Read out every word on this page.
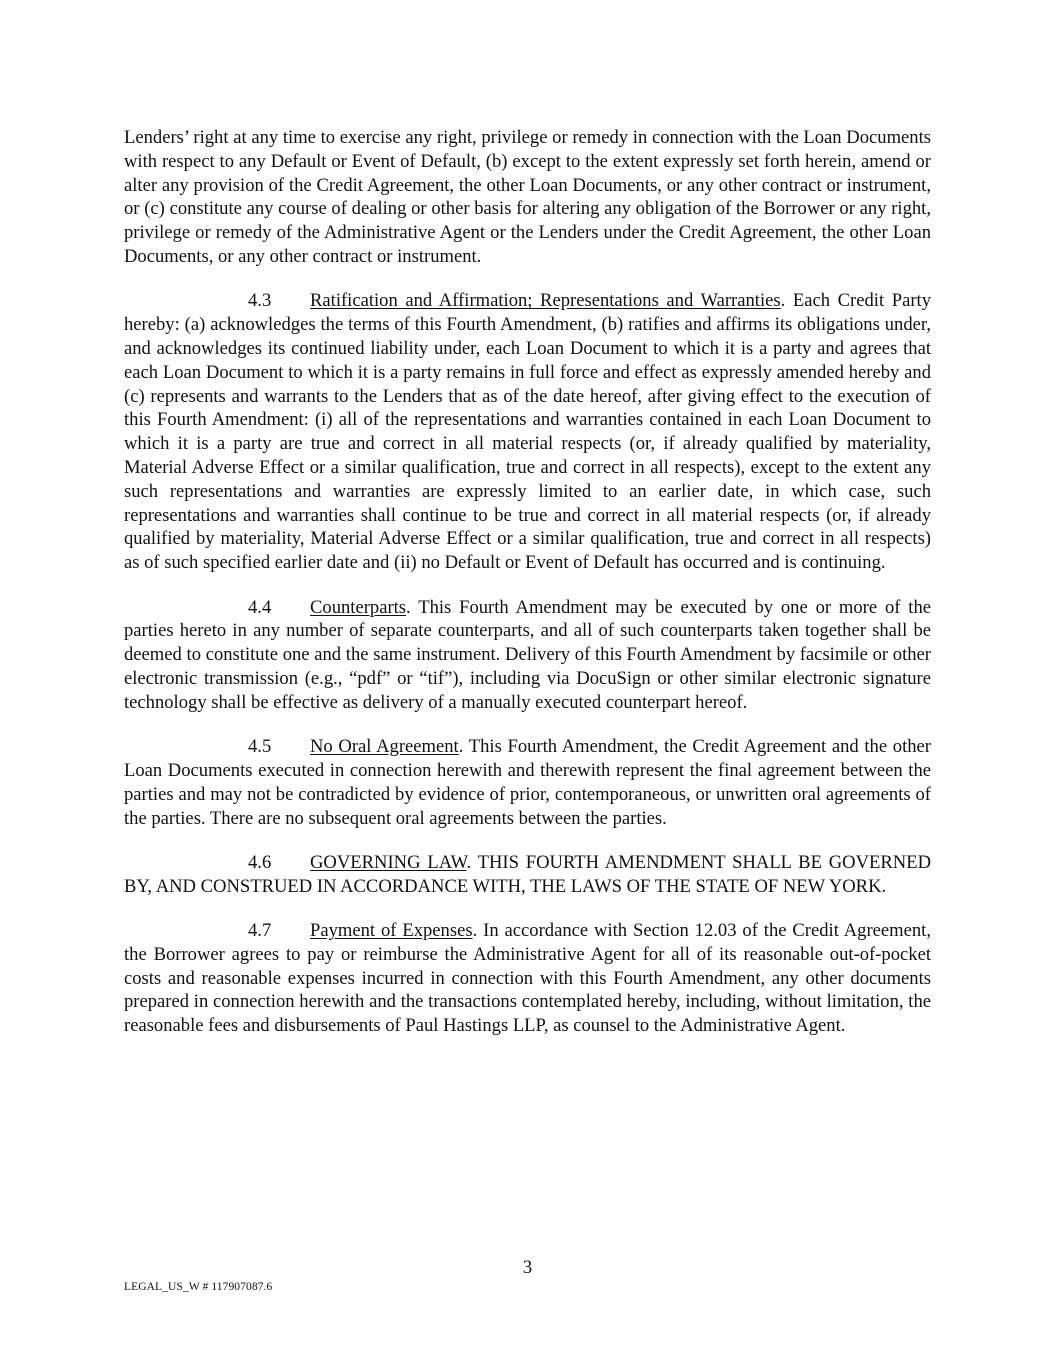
Lenders’ right at any time to exercise any right, privilege or remedy in connection with the Loan Documents with respect to any Default or Event of Default, (b) except to the extent expressly set forth herein, amend or alter any provision of the Credit Agreement, the other Loan Documents, or any other contract or instrument, or (c) constitute any course of dealing or other basis for altering any obligation of the Borrower or any right, privilege or remedy of the Administrative Agent or the Lenders under the Credit Agreement, the other Loan Documents, or any other contract or instrument.

4.3 Ratification and Affirmation; Representations and Warranties. Each Credit Party hereby: (a) acknowledges the terms of this Fourth Amendment, (b) ratifies and affirms its obligations under, and acknowledges its continued liability under, each Loan Document to which it is a party and agrees that each Loan Document to which it is a party remains in full force and effect as expressly amended hereby and (c) represents and warrants to the Lenders that as of the date hereof, after giving effect to the execution of this Fourth Amendment: (i) all of the representations and warranties contained in each Loan Document to which it is a party are true and correct in all material respects (or, if already qualified by materiality, Material Adverse Effect or a similar qualification, true and correct in all respects), except to the extent any such representations and warranties are expressly limited to an earlier date, in which case, such representations and warranties shall continue to be true and correct in all material respects (or, if already qualified by materiality, Material Adverse Effect or a similar qualification, true and correct in all respects) as of such specified earlier date and (ii) no Default or Event of Default has occurred and is continuing.

4.4 Counterparts. This Fourth Amendment may be executed by one or more of the parties hereto in any number of separate counterparts, and all of such counterparts taken together shall be deemed to constitute one and the same instrument. Delivery of this Fourth Amendment by facsimile or other electronic transmission (e.g., “pdf” or “tif”), including via DocuSign or other similar electronic signature technology shall be effective as delivery of a manually executed counterpart hereof.

4.5 No Oral Agreement. This Fourth Amendment, the Credit Agreement and the other Loan Documents executed in connection herewith and therewith represent the final agreement between the parties and may not be contradicted by evidence of prior, contemporaneous, or unwritten oral agreements of the parties. There are no subsequent oral agreements between the parties.

4.6 GOVERNING LAW. THIS FOURTH AMENDMENT SHALL BE GOVERNED BY, AND CONSTRUED IN ACCORDANCE WITH, THE LAWS OF THE STATE OF NEW YORK.

4.7 Payment of Expenses. In accordance with Section 12.03 of the Credit Agreement, the Borrower agrees to pay or reimburse the Administrative Agent for all of its reasonable out-of-pocket costs and reasonable expenses incurred in connection with this Fourth Amendment, any other documents prepared in connection herewith and the transactions contemplated hereby, including, without limitation, the reasonable fees and disbursements of Paul Hastings LLP, as counsel to the Administrative Agent.

3
LEGAL_US_W # 117907087.6
